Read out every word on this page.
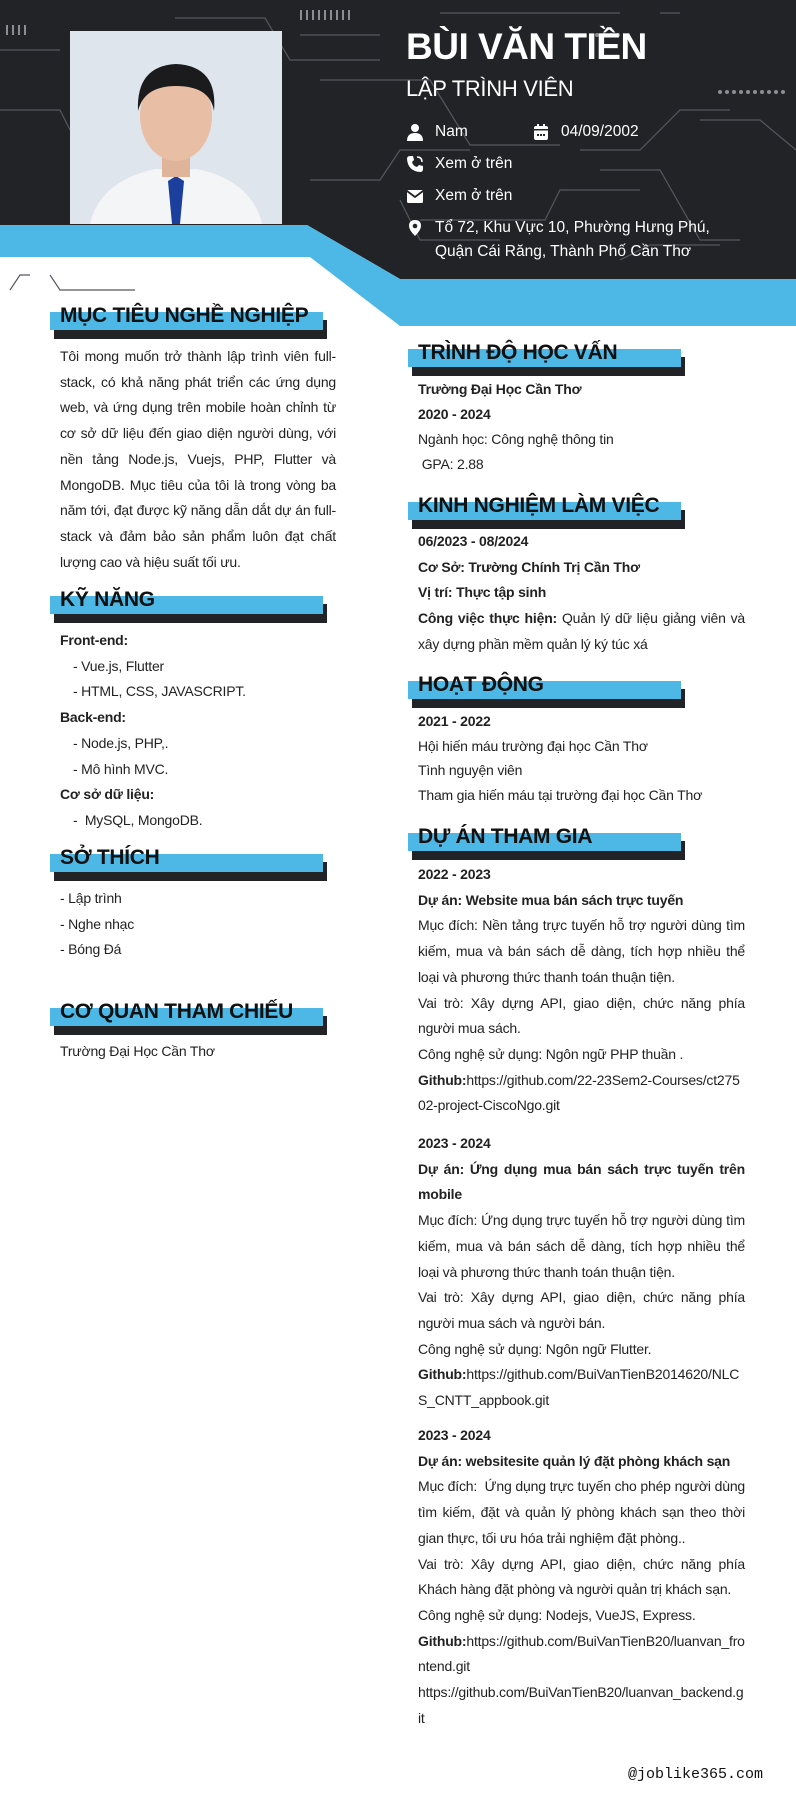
BÙI VĂN TIỀN
LẬP TRÌNH VIÊN
Nam	04/09/2002
Xem ở trên
Xem ở trên
Tổ 72, Khu Vực 10, Phường Hưng Phú, Quận Cái Răng, Thành Phố Cần Thơ
MỤC TIÊU NGHỀ NGHIỆP
Tôi mong muốn trở thành lập trình viên full-stack, có khả năng phát triển các ứng dụng web, và ứng dụng trên mobile hoàn chỉnh từ cơ sở dữ liệu đến giao diện người dùng, với nền tảng Node.js, Vuejs, PHP, Flutter và MongoDB. Mục tiêu của tôi là trong vòng ba năm tới, đạt được kỹ năng dẫn dắt dự án full-stack và đảm bảo sản phẩm luôn đạt chất lượng cao và hiệu suất tối ưu.
KỸ NĂNG
Front-end:
- Vue.js, Flutter
- HTML, CSS, JAVASCRIPT.
Back-end:
- Node.js, PHP,.
- Mô hình MVC.
Cơ sở dữ liệu:
-  MySQL, MongoDB.
SỞ THÍCH
- Lập trình
- Nghe nhạc
- Bóng Đá
CƠ QUAN THAM CHIẾU
Trường Đại Học Cần Thơ
TRÌNH ĐỘ HỌC VẤN
Trường Đại Học Cần Thơ
2020 - 2024
Ngành học: Công nghệ thông tin
GPA: 2.88
KINH NGHIỆM LÀM VIỆC
06/2023 - 08/2024
Cơ Sở: Trường Chính Trị Cần Thơ
Vị trí: Thực tập sinh
Công việc thực hiện: Quản lý dữ liệu giảng viên và xây dựng phần mềm quản lý ký túc xá
HOẠT ĐỘNG
2021 - 2022
Hội hiến máu trường đại học Cần Thơ
Tình nguyện viên
Tham gia hiến máu tại trường đại học Cần Thơ
DỰ ÁN THAM GIA
2022 - 2023
Dự án: Website mua bán sách trực tuyến
Mục đích: Nền tảng trực tuyến hỗ trợ người dùng tìm kiếm, mua và bán sách dễ dàng, tích hợp nhiều thể loại và phương thức thanh toán thuận tiện.
Vai trò: Xây dựng API, giao diện, chức năng phía người mua sách.
Công nghệ sử dụng: Ngôn ngữ PHP thuần .
Github:https://github.com/22-23Sem2-Courses/ct27502-project-CiscoNgo.git
2023 - 2024
Dự án: Ứng dụng mua bán sách trực tuyến trên mobile
Mục đích: Ứng dụng trực tuyến hỗ trợ người dùng tìm kiếm, mua và bán sách dễ dàng, tích hợp nhiều thể loại và phương thức thanh toán thuận tiện.
Vai trò: Xây dựng API, giao diện, chức năng phía người mua sách và người bán.
Công nghệ sử dụng: Ngôn ngữ Flutter.
Github:https://github.com/BuiVanTienB2014620/NLCS_CNTT_appbook.git
2023 - 2024
Dự án: websitesite quản lý đặt phòng khách sạn
Mục đích:  Ứng dụng trực tuyến cho phép người dùng tìm kiếm, đặt và quản lý phòng khách sạn theo thời gian thực, tối ưu hóa trải nghiệm đặt phòng..
Vai trò: Xây dựng API, giao diện, chức năng phía Khách hàng đặt phòng và người quản trị khách sạn.
Công nghệ sử dụng: Nodejs, VueJS, Express.
Github:https://github.com/BuiVanTienB20/luanvan_frontend.git
https://github.com/BuiVanTienB20/luanvan_backend.git
@joblike365.com
